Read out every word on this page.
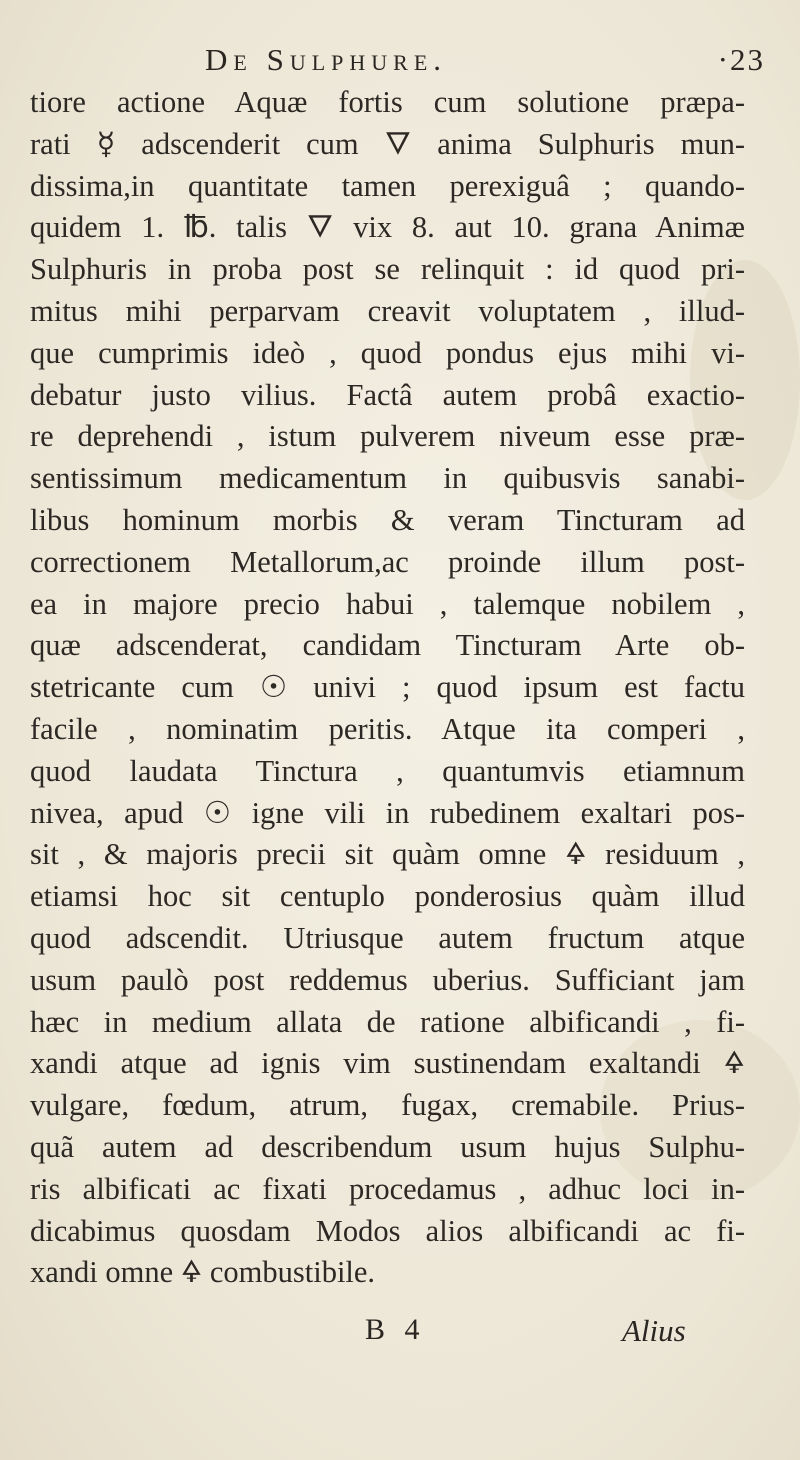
De Sulphure.	·23
tiore actione Aquæ fortis cum solutione præpa-
rati ☿ adscenderit cum 🜄 anima Sulphuris mun-
dissima,in quantitate tamen perexiguâ ; quando-
quidem 1. ℔. talis 🜄 vix 8. aut 10. grana Animæ
Sulphuris in proba post se relinquit : id quod pri-
mitus mihi perparvam creavit voluptatem , illud-
que cumprimis ideò , quod pondus ejus mihi vi-
debatur justo vilius. Factâ autem probâ exactio-
re deprehendi , istum pulverem niveum esse præ-
sentissimum medicamentum in quibusvis sanabi-
libus hominum morbis & veram Tincturam ad
correctionem Metallorum,ac proinde illum post-
ea in majore precio habui , talemque nobilem ,
quæ adscenderat, candidam Tincturam Arte ob-
stetricante cum ☉ univi ; quod ipsum est factu
facile , nominatim peritis. Atque ita comperi ,
quod laudata Tinctura , quantumvis etiamnum
nivea, apud ☉ igne vili in rubedinem exaltari pos-
sit , & majoris precii sit quàm omne 🜍 residuum ,
etiamsi hoc sit centuplo ponderosius quàm illud
quod adscendit. Utriusque autem fructum atque
usum paulò post reddemus uberius. Sufficiant jam
hæc in medium allata de ratione albificandi , fi-
xandi atque ad ignis vim sustinendam exaltandi 🜍
vulgare, fœdum, atrum, fugax, cremabile. Prius-
quã autem ad describendum usum hujus Sulphu-
ris albificati ac fixati procedamus , adhuc loci in-
dicabimus quosdam Modos alios albificandi ac fi-
xandi omne 🜍 combustibile.
B 4	Alius
